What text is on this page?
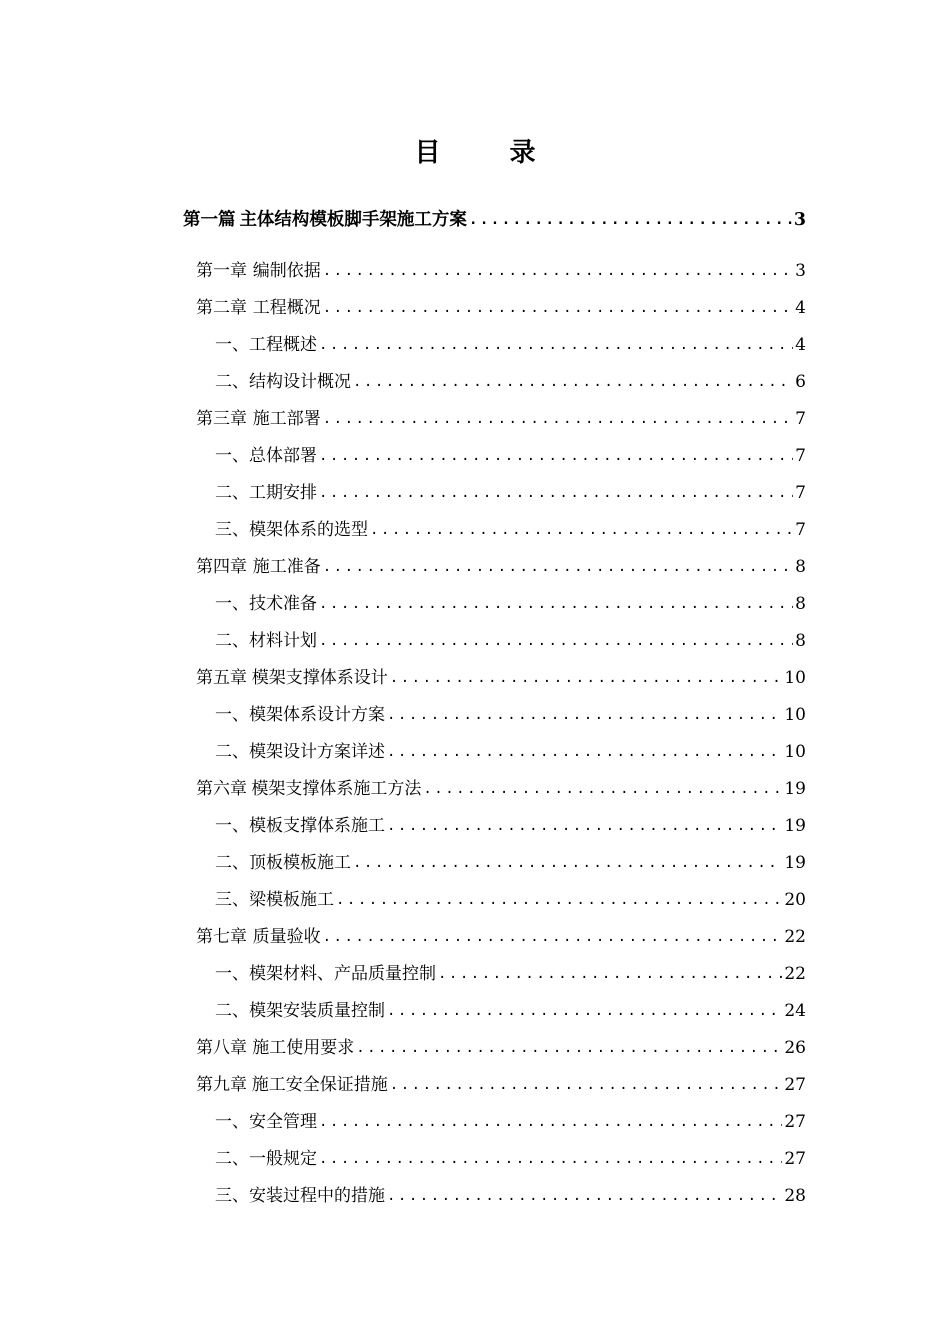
目 录
第一篇 主体结构模板脚手架施工方案 .....	3
第一章 编制依据 .....	3
第二章 工程概况 .....	4
一、工程概述 .....	4
二、结构设计概况 .....	6
第三章 施工部署 .....	7
一、总体部署 .....	7
二、工期安排 .....	7
三、模架体系的选型 .....	7
第四章 施工准备 .....	8
一、技术准备 .....	8
二、材料计划 .....	8
第五章 模架支撑体系设计 .....	10
一、模架体系设计方案 .....	10
二、模架设计方案详述 .....	10
第六章 模架支撑体系施工方法 .....	19
一、模板支撑体系施工 .....	19
二、顶板模板施工 .....	19
三、梁模板施工 .....	20
第七章 质量验收 .....	22
一、模架材料、产品质量控制 .....	22
二、模架安装质量控制 .....	24
第八章 施工使用要求 .....	26
第九章 施工安全保证措施 .....	27
一、安全管理 .....	27
二、一般规定 .....	27
三、安装过程中的措施 .....	28
